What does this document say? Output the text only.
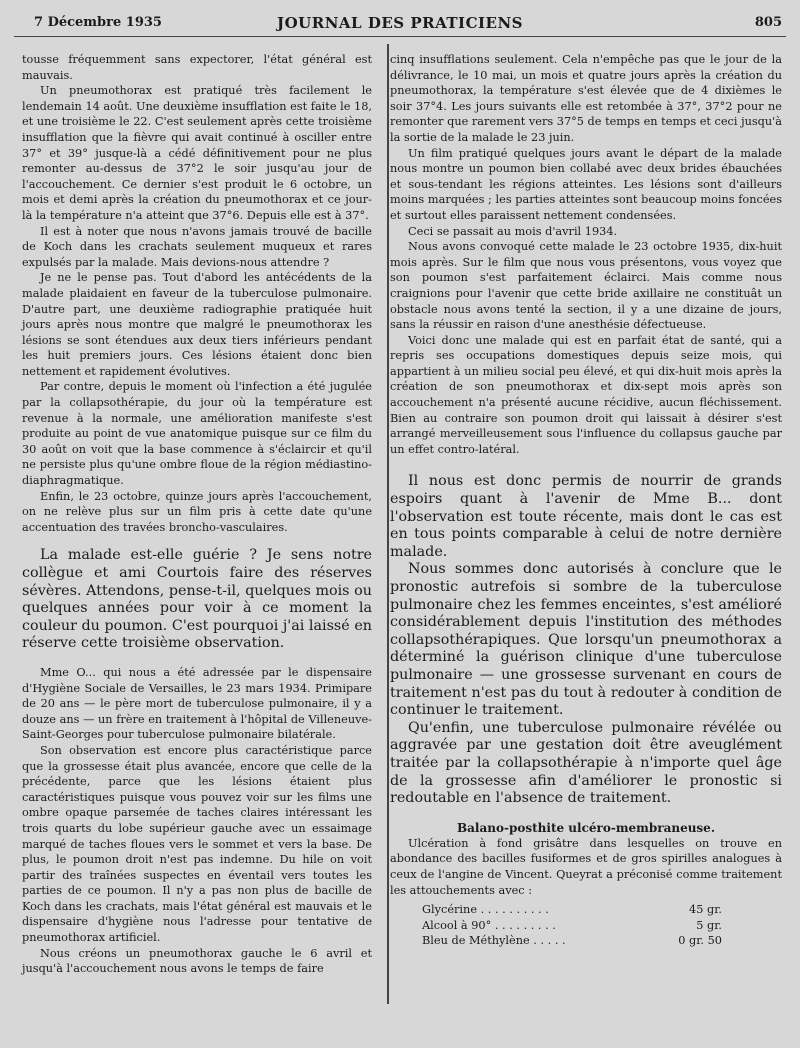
7 Décembre 1935	JOURNAL DES PRATICIENS	805

tousse fréquemment sans expectorer, l'état général est mauvais.

Un pneumothorax est pratiqué très facilement le lendemain 14 août. Une deuxième insufflation est faite le 18, et une troisième le 22. C'est seulement après cette troisième insufflation que la fièvre qui avait continué à osciller entre 37° et 39° jusque-là a cédé définitivement pour ne plus remonter au-dessus de 37°2 le soir jusqu'au jour de l'accouchement. Ce dernier s'est produit le 6 octobre, un mois et demi après la création du pneumothorax et ce jour-là la température n'a atteint que 37°6. Depuis elle est à 37°.

Il est à noter que nous n'avons jamais trouvé de bacille de Koch dans les crachats seulement muqueux et rares expulsés par la malade. Mais devions-nous attendre ?

Je ne le pense pas. Tout d'abord les antécédents de la malade plaidaient en faveur de la tuberculose pulmonaire. D'autre part, une deuxième radiographie pratiquée huit jours après nous montre que malgré le pneumothorax les lésions se sont étendues aux deux tiers inférieurs pendant les huit premiers jours. Ces lésions étaient donc bien nettement et rapidement évolutives.

Par contre, depuis le moment où l'infection a été jugulée par la collapsothérapie, du jour où la température est revenue à la normale, une amélioration manifeste s'est produite au point de vue anatomique puisque sur ce film du 30 août on voit que la base commence à s'éclaircir et qu'il ne persiste plus qu'une ombre floue de la région médiastino-diaphragmatique.

Enfin, le 23 octobre, quinze jours après l'accouchement, on ne relève plus sur un film pris à cette date qu'une accentuation des travées broncho-vasculaires.

La malade est-elle guérie ? Je sens notre collègue et ami Courtois faire des réserves sévères. Attendons, pense-t-il, quelques mois ou quelques années pour voir à ce moment la couleur du poumon. C'est pourquoi j'ai laissé en réserve cette troisième observation.

Mme O... qui nous a été adressée par le dispensaire d'Hygiène Sociale de Versailles, le 23 mars 1934. Primipare de 20 ans — le père mort de tuberculose pulmonaire, il y a douze ans — un frère en traitement à l'hôpital de Villeneuve-Saint-Georges pour tuberculose pulmonaire bilatérale.

Son observation est encore plus caractéristique parce que la grossesse était plus avancée, encore que celle de la précédente, parce que les lésions étaient plus caractéristiques puisque vous pouvez voir sur les films une ombre opaque parsemée de taches claires intéressant les trois quarts du lobe supérieur gauche avec un essaimage marqué de taches floues vers le sommet et vers la base. De plus, le poumon droit n'est pas indemne. Du hile on voit partir des traînées suspectes en éventail vers toutes les parties de ce poumon. Il n'y a pas non plus de bacille de Koch dans les crachats, mais l'état général est mauvais et le dispensaire d'hygiène nous l'adresse pour tentative de pneumothorax artificiel.

Nous créons un pneumothorax gauche le 6 avril et jusqu'à l'accouchement nous avons le temps de faire

cinq insufflations seulement. Cela n'empêche pas que le jour de la délivrance, le 10 mai, un mois et quatre jours après la création du pneumothorax, la température s'est élevée que de 4 dixièmes le soir 37°4. Les jours suivants elle est retombée à 37°, 37°2 pour ne remonter que rarement vers 37°5 de temps en temps et ceci jusqu'à la sortie de la malade le 23 juin.

Un film pratiqué quelques jours avant le départ de la malade nous montre un poumon bien collabé avec deux brides ébauchées et sous-tendant les régions atteintes. Les lésions sont d'ailleurs moins marquées ; les parties atteintes sont beaucoup moins foncées et surtout elles paraissent nettement condensées.

Ceci se passait au mois d'avril 1934.

Nous avons convoqué cette malade le 23 octobre 1935, dix-huit mois après. Sur le film que nous vous présentons, vous voyez que son poumon s'est parfaitement éclairci. Mais comme nous craignions pour l'avenir que cette bride axillaire ne constituât un obstacle nous avons tenté la section, il y a une dizaine de jours, sans la réussir en raison d'une anesthésie défectueuse.

Voici donc une malade qui est en parfait état de santé, qui a repris ses occupations domestiques depuis seize mois, qui appartient à un milieu social peu élevé, et qui dix-huit mois après la création de son pneumothorax et dix-sept mois après son accouchement n'a présenté aucune récidive, aucun fléchissement. Bien au contraire son poumon droit qui laissait à désirer s'est arrangé merveilleusement sous l'influence du collapsus gauche par un effet contro-latéral.

Il nous est donc permis de nourrir de grands espoirs quant à l'avenir de Mme B... dont l'observation est toute récente, mais dont le cas est en tous points comparable à celui de notre dernière malade.

Nous sommes donc autorisés à conclure que le pronostic autrefois si sombre de la tuberculose pulmonaire chez les femmes enceintes, s'est amélioré considérablement depuis l'institution des méthodes collapsothérapiques. Que lorsqu'un pneumothorax a déterminé la guérison clinique d'une tuberculose pulmonaire — une grossesse survenant en cours de traitement n'est pas du tout à redouter à condition de continuer le traitement.

Qu'enfin, une tuberculose pulmonaire révélée ou aggravée par une gestation doit être aveuglément traitée par la collapsothérapie à n'importe quel âge de la grossesse afin d'améliorer le pronostic si redoutable en l'absence de traitement.

Balano-posthite ulcéro-membraneuse.

Ulcération à fond grisâtre dans lesquelles on trouve en abondance des bacilles fusiformes et de gros spirilles analogues à ceux de l'angine de Vincent. Queyrat a préconisé comme traitement les attouchements avec :

Glycérine . . . . . . . . . .	45 gr.
Alcool à 90° . . . . . . . . .	5 gr.
Bleu de Méthylène . . . . .	0 gr. 50
